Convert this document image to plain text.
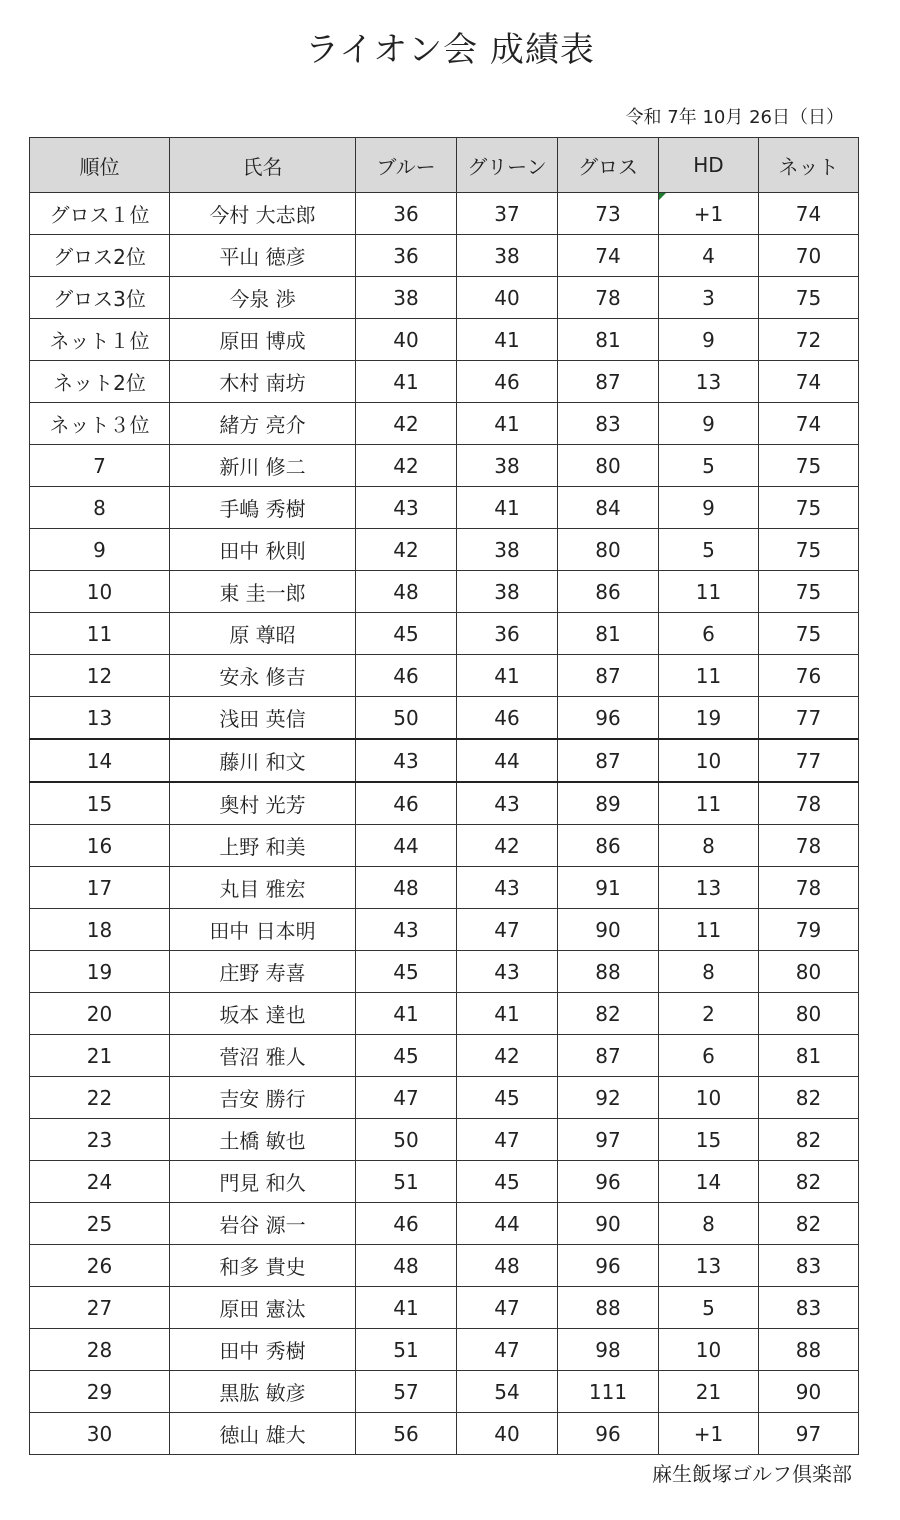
ライオン会 成績表
令和 7年 10月 26日（日）
順位	氏名	ブルー	グリーン	グロス	HD	ネット
グロス１位	今村 大志郎	36	37	73	+1	74
グロス2位	平山 徳彦	36	38	74	4	70
グロス3位	今泉 渉	38	40	78	3	75
ネット１位	原田 博成	40	41	81	9	72
ネット2位	木村 南坊	41	46	87	13	74
ネット３位	緒方 亮介	42	41	83	9	74
7	新川 修二	42	38	80	5	75
8	手嶋 秀樹	43	41	84	9	75
9	田中 秋則	42	38	80	5	75
10	東 圭一郎	48	38	86	11	75
11	原 尊昭	45	36	81	6	75
12	安永 修吉	46	41	87	11	76
13	浅田 英信	50	46	96	19	77
14	藤川 和文	43	44	87	10	77
15	奥村 光芳	46	43	89	11	78
16	上野 和美	44	42	86	8	78
17	丸目 雅宏	48	43	91	13	78
18	田中 日本明	43	47	90	11	79
19	庄野 寿喜	45	43	88	8	80
20	坂本 達也	41	41	82	2	80
21	菅沼 雅人	45	42	87	6	81
22	吉安 勝行	47	45	92	10	82
23	土橋 敏也	50	47	97	15	82
24	門見 和久	51	45	96	14	82
25	岩谷 源一	46	44	90	8	82
26	和多 貴史	48	48	96	13	83
27	原田 憲汰	41	47	88	5	83
28	田中 秀樹	51	47	98	10	88
29	黒肱 敏彦	57	54	111	21	90
30	徳山 雄大	56	40	96	+1	97
麻生飯塚ゴルフ倶楽部
